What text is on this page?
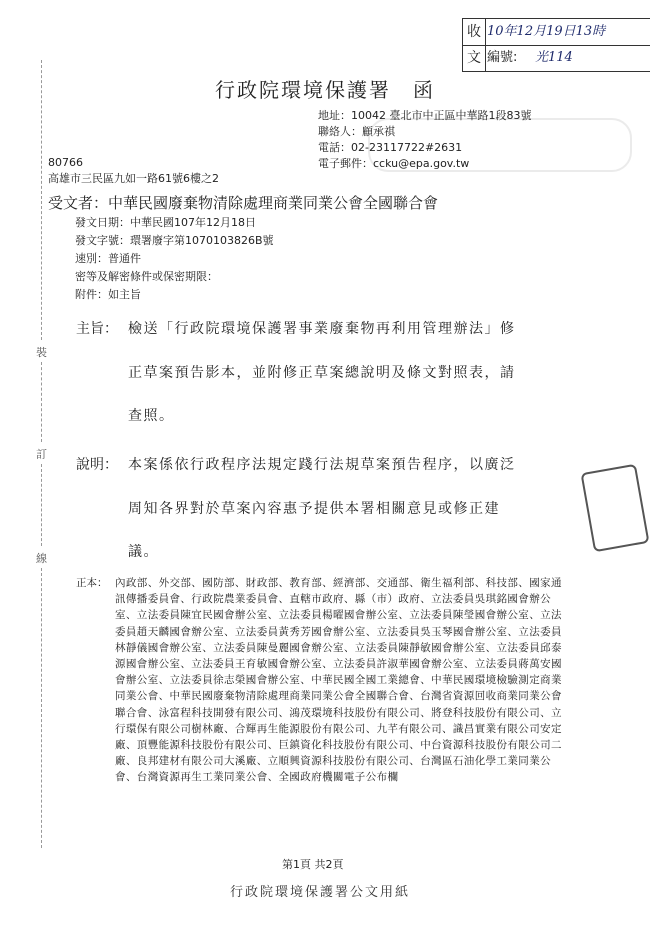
收 10年12月19日13時
文 編號: 光114
行政院環境保護署　函
地址：10042 臺北市中正區中華路1段83號
聯絡人：顧承祺
電話：02-23117722#2631
電子郵件：ccku@epa.gov.tw
80766
高雄市三民區九如一路61號6樓之2
受文者：中華民國廢棄物清除處理商業同業公會全國聯合會
發文日期：中華民國107年12月18日
發文字號：環署廢字第1070103826B號
速別：普通件
密等及解密條件或保密期限：
附件：如主旨
主旨： 檢送「行政院環境保護署事業廢棄物再利用管理辦法」修
正草案預告影本，並附修正草案總說明及條文對照表，請
查照。
說明： 本案係依行政程序法規定踐行法規草案預告程序，以廣泛
周知各界對於草案內容惠予提供本署相關意見或修正建
議。
正本： 內政部、外交部、國防部、財政部、教育部、經濟部、交通部、衛生福利部、科技部、國家通訊傳播委員會、行政院農業委員會、直轄市政府、縣（市）政府、立法委員吳琪銘國會辦公室、立法委員陳宜民國會辦公室、立法委員楊曜國會辦公室、立法委員陳瑩國會辦公室、立法委員趙天麟國會辦公室、立法委員黃秀芳國會辦公室、立法委員吳玉琴國會辦公室、立法委員林靜儀國會辦公室、立法委員陳曼麗國會辦公室、立法委員陳靜敏國會辦公室、立法委員邱泰源國會辦公室、立法委員王育敏國會辦公室、立法委員許淑華國會辦公室、立法委員蔣萬安國會辦公室、立法委員徐志榮國會辦公室、中華民國全國工業總會、中華民國環境檢驗測定商業同業公會、中華民國廢棄物清除處理商業同業公會全國聯合會、台灣省資源回收商業同業公會聯合會、泳富程科技開發有限公司、鴻茂環境科技股份有限公司、將登科技股份有限公司、立行環保有限公司樹林廠、合輝再生能源股份有限公司、九芊有限公司、識昌實業有限公司安定廠、頂豐能源科技股份有限公司、巨鎮資化科技股份有限公司、中台資源科技股份有限公司二廠、良邦建材有限公司大溪廠、立順興資源科技股份有限公司、台灣區石油化學工業同業公會、台灣資源再生工業同業公會、全國政府機關電子公布欄
裝
訂
線
第1頁 共2頁
行政院環境保護署公文用紙
